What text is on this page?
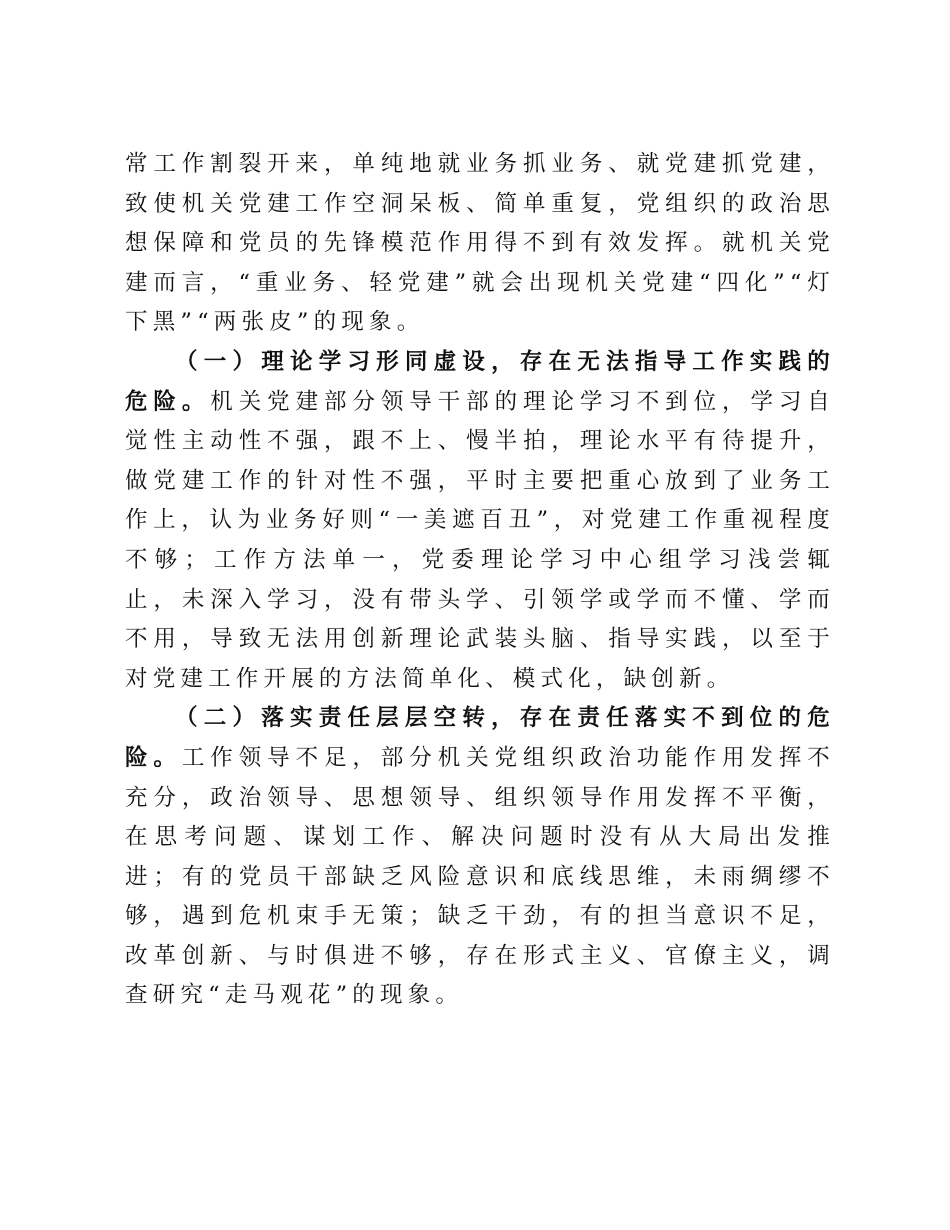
常工作割裂开来，单纯地就业务抓业务、就党建抓党建，致使机关党建工作空洞呆板、简单重复，党组织的政治思想保障和党员的先锋模范作用得不到有效发挥。就机关党建而言，“重业务、轻党建”就会出现机关党建“四化”“灯下黑”“两张皮”的现象。

（一）理论学习形同虚设，存在无法指导工作实践的危险。机关党建部分领导干部的理论学习不到位，学习自觉性主动性不强，跟不上、慢半拍，理论水平有待提升，做党建工作的针对性不强，平时主要把重心放到了业务工作上，认为业务好则“一美遮百丑”，对党建工作重视程度不够；工作方法单一，党委理论学习中心组学习浅尝辄止，未深入学习，没有带头学、引领学或学而不懂、学而不用，导致无法用创新理论武装头脑、指导实践，以至于对党建工作开展的方法简单化、模式化，缺创新。

（二）落实责任层层空转，存在责任落实不到位的危险。工作领导不足，部分机关党组织政治功能作用发挥不充分，政治领导、思想领导、组织领导作用发挥不平衡，在思考问题、谋划工作、解决问题时没有从大局出发推进；有的党员干部缺乏风险意识和底线思维，未雨绸缪不够，遇到危机束手无策；缺乏干劲，有的担当意识不足，改革创新、与时俱进不够，存在形式主义、官僚主义，调查研究“走马观花”的现象。
